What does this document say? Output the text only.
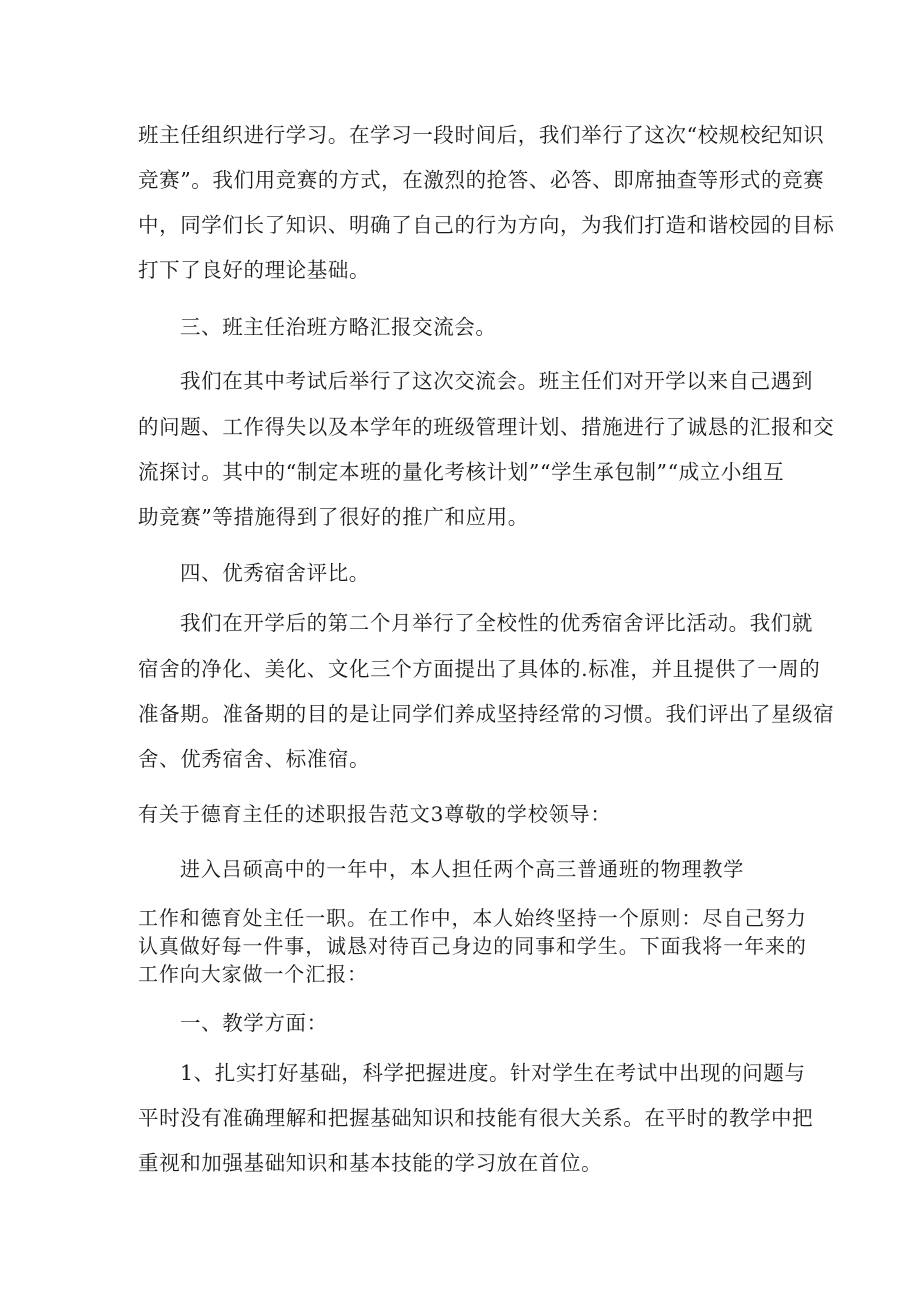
班主任组织进行学习。在学习一段时间后，我们举行了这次“校规校纪知识
竞赛”。我们用竞赛的方式，在激烈的抢答、必答、即席抽查等形式的竞赛
中，同学们长了知识、明确了自己的行为方向，为我们打造和谐校园的目标
打下了良好的理论基础。
三、班主任治班方略汇报交流会。
我们在其中考试后举行了这次交流会。班主任们对开学以来自己遇到
的问题、工作得失以及本学年的班级管理计划、措施进行了诚恳的汇报和交
流探讨。其中的“制定本班的量化考核计划”“学生承包制”“成立小组互
助竞赛”等措施得到了很好的推广和应用。
四、优秀宿舍评比。
我们在开学后的第二个月举行了全校性的优秀宿舍评比活动。我们就
宿舍的净化、美化、文化三个方面提出了具体的.标准，并且提供了一周的
准备期。准备期的目的是让同学们养成坚持经常的习惯。我们评出了星级宿
舍、优秀宿舍、标准宿。
有关于德育主任的述职报告范文3尊敬的学校领导：
进入吕硕高中的一年中，本人担任两个高三普通班的物理教学
工作和德育处主任一职。在工作中，本人始终坚持一个原则：尽自己努力
认真做好每一件事，诚恳对待百己身边的同事和学生。下面我将一年来的
工作向大家做一个汇报：
一、教学方面：
1、扎实打好基础，科学把握进度。针对学生在考试中出现的问题与
平时没有准确理解和把握基础知识和技能有很大关系。在平时的教学中把
重视和加强基础知识和基本技能的学习放在首位。
